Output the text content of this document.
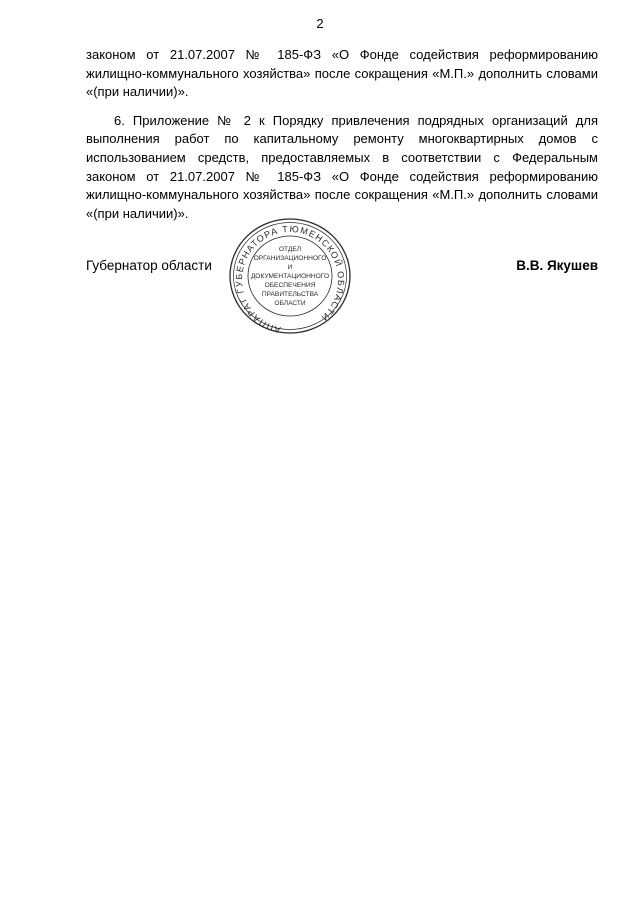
2

законом от 21.07.2007 № 185-ФЗ «О Фонде содействия реформированию жилищно-коммунального хозяйства» после сокращения «М.П.» дополнить словами «(при наличии)».

6. Приложение № 2 к Порядку привлечения подрядных организаций для выполнения работ по капитальному ремонту многоквартирных домов с использованием средств, предоставляемых в соответствии с Федеральным законом от 21.07.2007 № 185-ФЗ «О Фонде содействия реформированию жилищно-коммунального хозяйства» после сокращения «М.П.» дополнить словами «(при наличии)».

Губернатор области	В.В. Якушев
АППАРАТ ГУБЕРНАТОРА ТЮМЕНСКОЙ ОБЛАСТИ
ОТДЕЛ
ОРГАНИЗАЦИОННОГО
И
ДОКУМЕНТАЦИОННОГО
ОБЕСПЕЧЕНИЯ
ПРАВИТЕЛЬСТВА
ОБЛАСТИ
